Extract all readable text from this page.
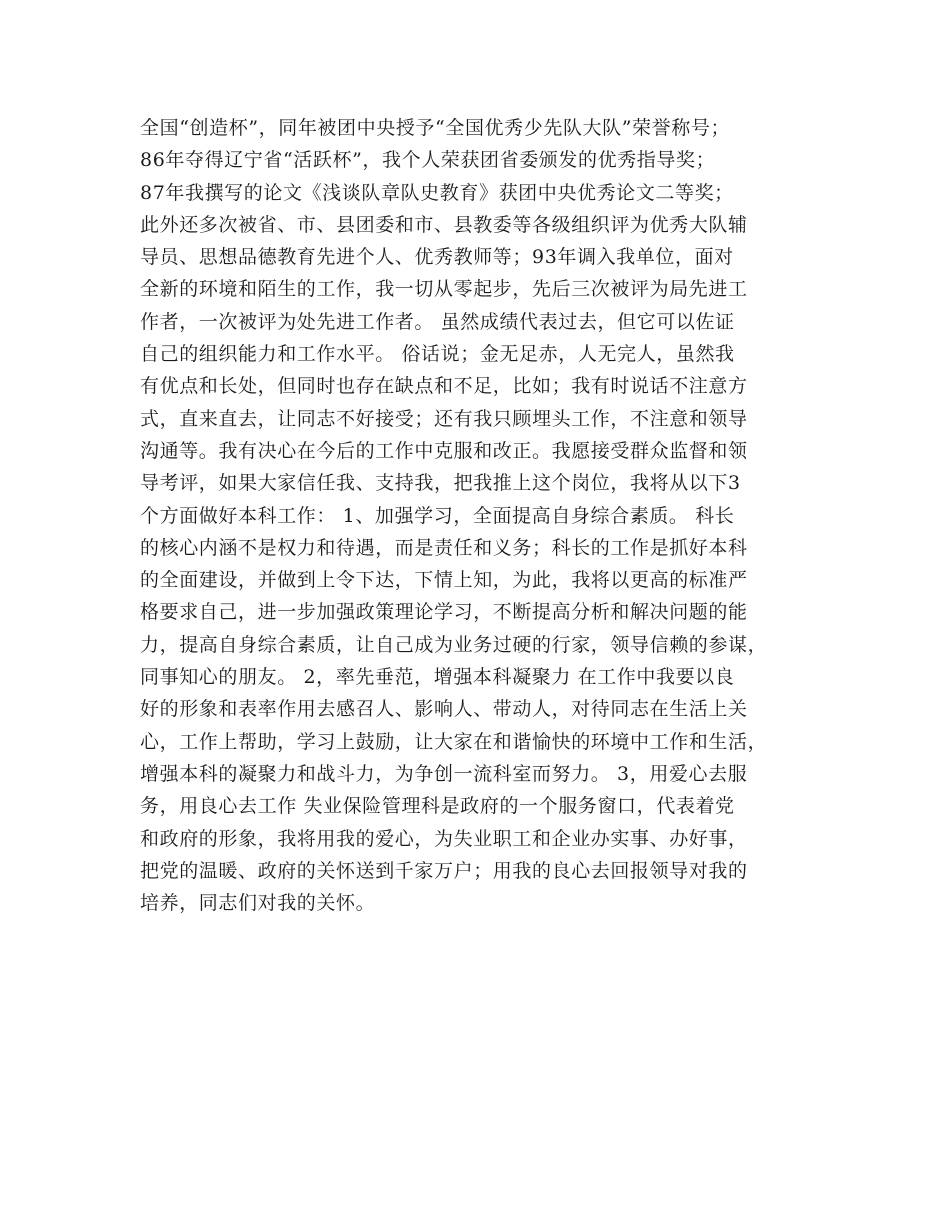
全国“创造杯”，同年被团中央授予“全国优秀少先队大队”荣誉称号；
86年夺得辽宁省“活跃杯”，我个人荣获团省委颁发的优秀指导奖；
87年我撰写的论文《浅谈队章队史教育》获团中央优秀论文二等奖；
此外还多次被省、市、县团委和市、县教委等各级组织评为优秀大队辅
导员、思想品德教育先进个人、优秀教师等；93年调入我单位，面对
全新的环境和陌生的工作，我一切从零起步，先后三次被评为局先进工
作者，一次被评为处先进工作者。 虽然成绩代表过去，但它可以佐证
自己的组织能力和工作水平。 俗话说；金无足赤，人无完人，虽然我
有优点和长处，但同时也存在缺点和不足，比如；我有时说话不注意方
式，直来直去，让同志不好接受；还有我只顾埋头工作，不注意和领导
沟通等。我有决心在今后的工作中克服和改正。我愿接受群众监督和领
导考评，如果大家信任我、支持我，把我推上这个岗位，我将从以下3
个方面做好本科工作： 1、加强学习，全面提高自身综合素质。 科长
的核心内涵不是权力和待遇，而是责任和义务；科长的工作是抓好本科
的全面建设，并做到上令下达，下情上知，为此，我将以更高的标准严
格要求自己，进一步加强政策理论学习，不断提高分析和解决问题的能
力，提高自身综合素质，让自己成为业务过硬的行家，领导信赖的参谋，
同事知心的朋友。 2，率先垂范，增强本科凝聚力 在工作中我要以良
好的形象和表率作用去感召人、影响人、带动人，对待同志在生活上关
心，工作上帮助，学习上鼓励，让大家在和谐愉快的环境中工作和生活，
增强本科的凝聚力和战斗力，为争创一流科室而努力。 3，用爱心去服
务，用良心去工作 失业保险管理科是政府的一个服务窗口，代表着党
和政府的形象，我将用我的爱心，为失业职工和企业办实事、办好事，
把党的温暖、政府的关怀送到千家万户；用我的良心去回报领导对我的
培养，同志们对我的关怀。
